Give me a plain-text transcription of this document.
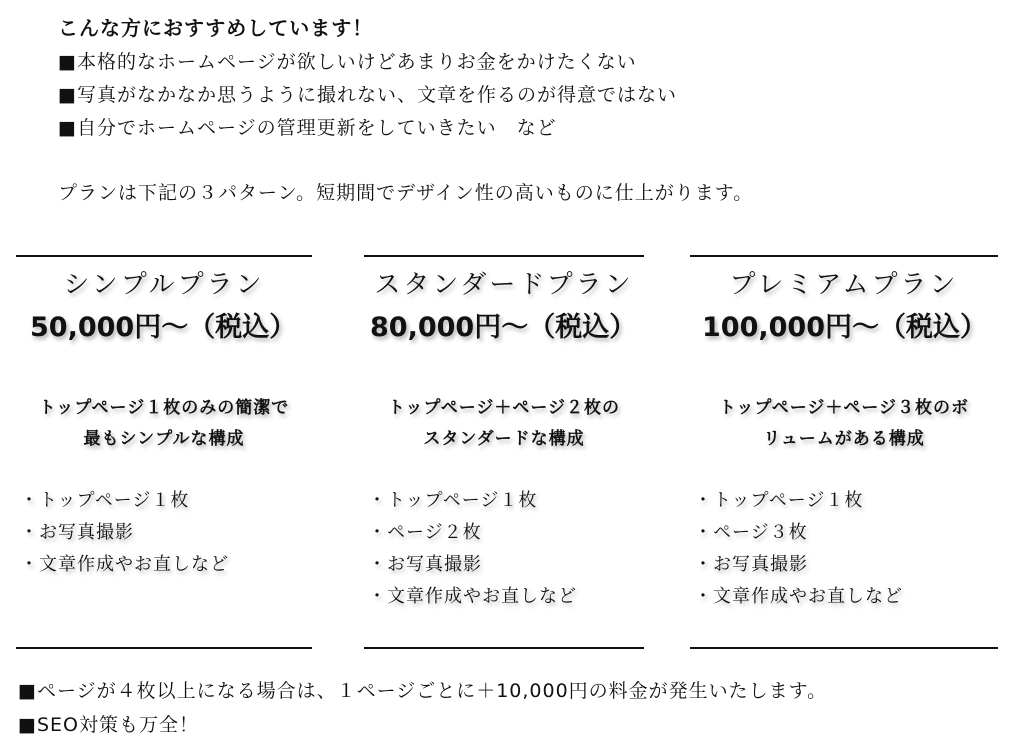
こんな方におすすめしています！
■本格的なホームページが欲しいけどあまりお金をかけたくない
■写真がなかなか思うように撮れない、文章を作るのが得意ではない
■自分でホームページの管理更新をしていきたい　など
プランは下記の３パターン。短期間でデザイン性の高いものに仕上がります。
シンプルプラン
50,000円〜（税込）
トップページ１枚のみの簡潔で
最もシンプルな構成
・トップページ１枚
・お写真撮影
・文章作成やお直しなど
スタンダードプラン
80,000円〜（税込）
トップページ＋ページ２枚の
スタンダードな構成
・トップページ１枚
・ページ２枚
・お写真撮影
・文章作成やお直しなど
プレミアムプラン
100,000円〜（税込）
トップページ＋ページ３枚のボ
リュームがある構成
・トップページ１枚
・ページ３枚
・お写真撮影
・文章作成やお直しなど
■ページが４枚以上になる場合は、１ページごとに＋10,000円の料金が発生いたします。
■SEO対策も万全！
